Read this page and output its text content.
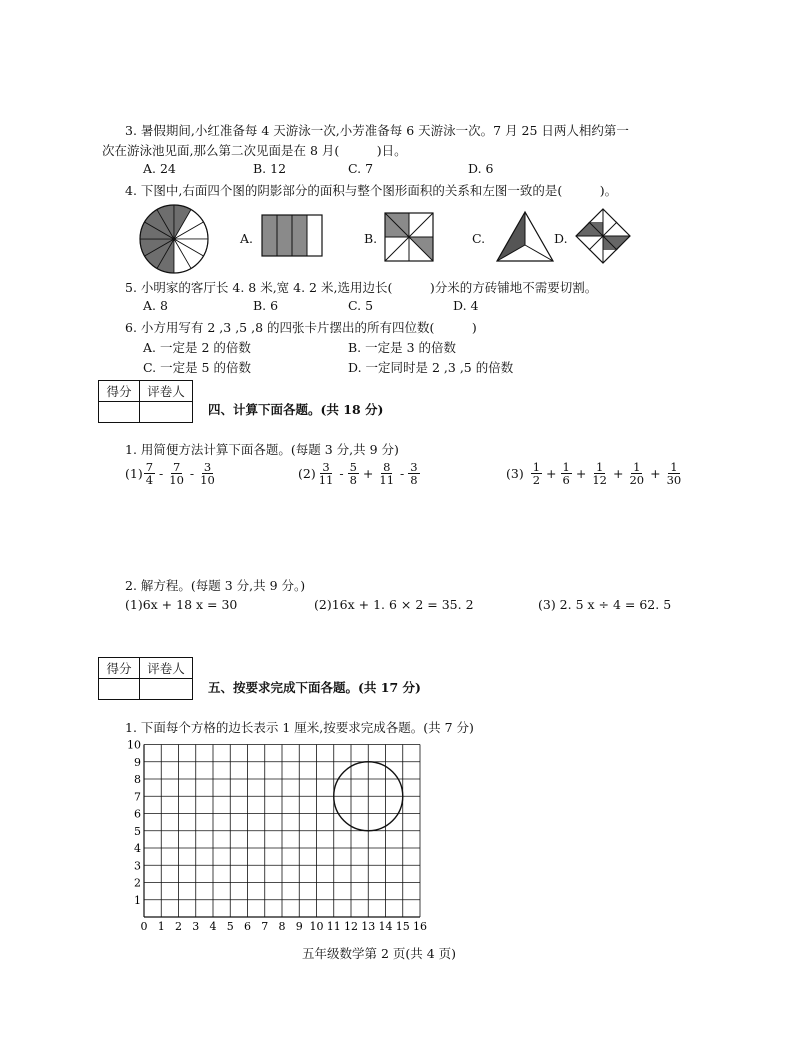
3. 暑假期间,小红准备每 4 天游泳一次,小芳准备每 6 天游泳一次。7 月 25 日两人相约第一
次在游泳池见面,那么第二次见面是在 8 月(　　　)日。
A. 24	B. 12	C. 7	D. 6
4. 下图中,右面四个图的阴影部分的面积与整个图形面积的关系和左图一致的是(　　　)。
A.	B.	C.	D.
5. 小明家的客厅长 4. 8 米,宽 4. 2 米,选用边长(　　　)分米的方砖铺地不需要切割。
A. 8	B. 6	C. 5	D. 4
6. 小方用写有 2 ,3 ,5 ,8 的四张卡片摆出的所有四位数(　　　)
A. 一定是 2 的倍数	B. 一定是 3 的倍数
C. 一定是 5 的倍数	D. 一定同时是 2 ,3 ,5 的倍数
得分	评卷人

四、计算下面各题。(共 18 分)
1. 用简便方法计算下面各题。(每题 3 分,共 9 分)
$(1) \frac{7}{4} - \frac{7}{10} - \frac{3}{10}$	$(2) \frac{3}{11} - \frac{5}{8} + \frac{8}{11} - \frac{3}{8}$	$(3) \frac{1}{2} + \frac{1}{6} + \frac{1}{12} + \frac{1}{20} + \frac{1}{30}$
2. 解方程。(每题 3 分,共 9 分。)
(1)6x + 18 x = 30	(2)16x + 1. 6 × 2 = 35. 2	(3) 2. 5 x ÷ 4 = 62. 5
得分	评卷人

五、按要求完成下面各题。(共 17 分)
1. 下面每个方格的边长表示 1 厘米,按要求完成各题。(共 7 分)
0 1 2 3 4 5 6 7 8 9 10 11 12 13 14 15 16
1
2
3
4
5
6
7
8
9
10
五年级数学第 2 页(共 4 页)
